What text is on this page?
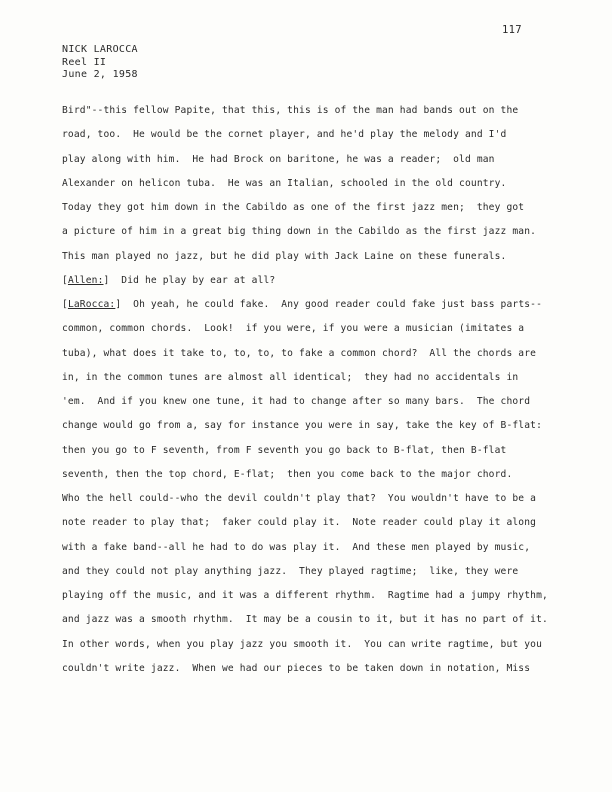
117
NICK LAROCCA
Reel II
June 2, 1958
Bird"--this fellow Papite, that this, this is of the man had bands out on the
road, too.  He would be the cornet player, and he'd play the melody and I'd
play along with him.  He had Brock on baritone, he was a reader;  old man
Alexander on helicon tuba.  He was an Italian, schooled in the old country.
Today they got him down in the Cabildo as one of the first jazz men;  they got
a picture of him in a great big thing down in the Cabildo as the first jazz man.
This man played no jazz, but he did play with Jack Laine on these funerals.
[Allen:]  Did he play by ear at all?
[LaRocca:]  Oh yeah, he could fake.  Any good reader could fake just bass parts--
common, common chords.  Look!  if you were, if you were a musician (imitates a
tuba), what does it take to, to, to, to fake a common chord?  All the chords are
in, in the common tunes are almost all identical;  they had no accidentals in
'em.  And if you knew one tune, it had to change after so many bars.  The chord
change would go from a, say for instance you were in say, take the key of B-flat:
then you go to F seventh, from F seventh you go back to B-flat, then B-flat
seventh, then the top chord, E-flat;  then you come back to the major chord.
Who the hell could--who the devil couldn't play that?  You wouldn't have to be a
note reader to play that;  faker could play it.  Note reader could play it along
with a fake band--all he had to do was play it.  And these men played by music,
and they could not play anything jazz.  They played ragtime;  like, they were
playing off the music, and it was a different rhythm.  Ragtime had a jumpy rhythm,
and jazz was a smooth rhythm.  It may be a cousin to it, but it has no part of it.
In other words, when you play jazz you smooth it.  You can write ragtime, but you
couldn't write jazz.  When we had our pieces to be taken down in notation, Miss
